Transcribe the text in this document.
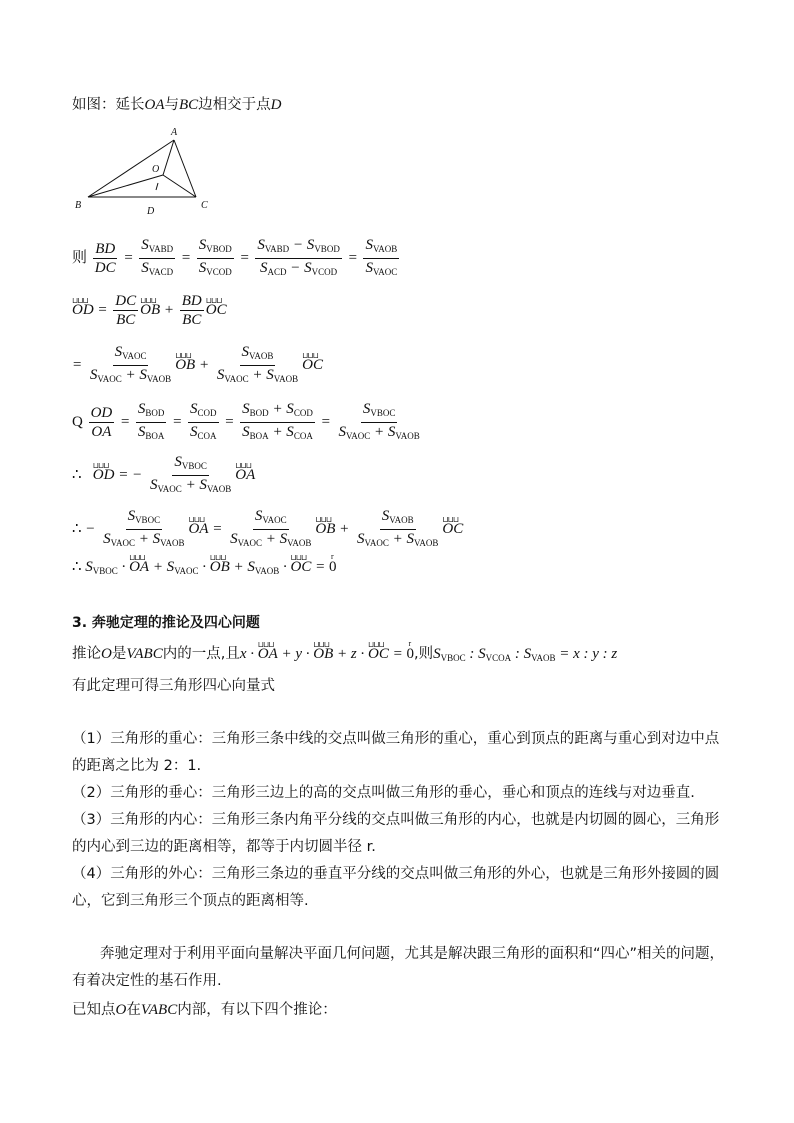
如图：延长OA与BC边相交于点D
A
B	C
O
D
则 $\frac{BD}{DC} = \frac{S_{VABD}}{S_{VACD}} = \frac{S_{VBOD}}{S_{VCOD}} = \frac{S_{VABD} - S_{VBOD}}{S_{ACD} - S_{VCOD}} = \frac{S_{VAOB}}{S_{VAOC}}$
⊔⊔⊔ OD = $\frac{DC}{BC}$ ⊔⊔⊔ OB + $\frac{BD}{BC}$ ⊔⊔⊔ OC
= $\frac{S_{VAOC}}{S_{VAOC} + S_{VAOB}}$ ⊔⊔⊔ OB + $\frac{S_{VAOB}}{S_{VAOC} + S_{VAOB}}$ ⊔⊔⊔ OC
Q $\frac{OD}{OA} = \frac{S_{BOD}}{S_{BOA}} = \frac{S_{COD}}{S_{COA}} = \frac{S_{BOD} + S_{COD}}{S_{BOA} + S_{COA}} = \frac{S_{VBOC}}{S_{VAOC} + S_{VAOB}}$
∴ ⊔⊔⊔ OD = − $\frac{S_{VBOC}}{S_{VAOC} + S_{VAOB}}$ ⊔⊔⊔ OA
∴ − $\frac{S_{VBOC}}{S_{VAOC} + S_{VAOB}}$ ⊔⊔⊔ OA = $\frac{S_{VAOC}}{S_{VAOC} + S_{VAOB}}$ ⊔⊔⊔ OB + $\frac{S_{VAOB}}{S_{VAOC} + S_{VAOB}}$ ⊔⊔⊔ OC
∴ $S_{VBOC}$ · ⊔⊔⊔ OA + $S_{VAOC}$ · ⊔⊔⊔ OB + $S_{VAOB}$ · ⊔⊔⊔ OC = r 0
3. 奔驰定理的推论及四心问题
推论O是VABC内的一点,且x · ⊔⊔⊔ OA + y · ⊔⊔⊔ OB + z · ⊔⊔⊔ OC = r 0,则$S_{VBOC}$ : $S_{VCOA}$ : $S_{VAOB} = x$ : y : z
有此定理可得三角形四心向量式
（1）三角形的重心：三角形三条中线的交点叫做三角形的重心，重心到顶点的距离与重心到对边中点的距离之比为 2：1.
（2）三角形的垂心：三角形三边上的高的交点叫做三角形的垂心，垂心和顶点的连线与对边垂直.
（3）三角形的内心：三角形三条内角平分线的交点叫做三角形的内心，也就是内切圆的圆心，三角形的内心到三边的距离相等，都等于内切圆半径 r.
（4）三角形的外心：三角形三条边的垂直平分线的交点叫做三角形的外心，也就是三角形外接圆的圆心，它到三角形三个顶点的距离相等.
奔驰定理对于利用平面向量解决平面几何问题，尤其是解决跟三角形的面积和“四心”相关的问题，有着决定性的基石作用.
已知点O在VABC内部，有以下四个推论：
